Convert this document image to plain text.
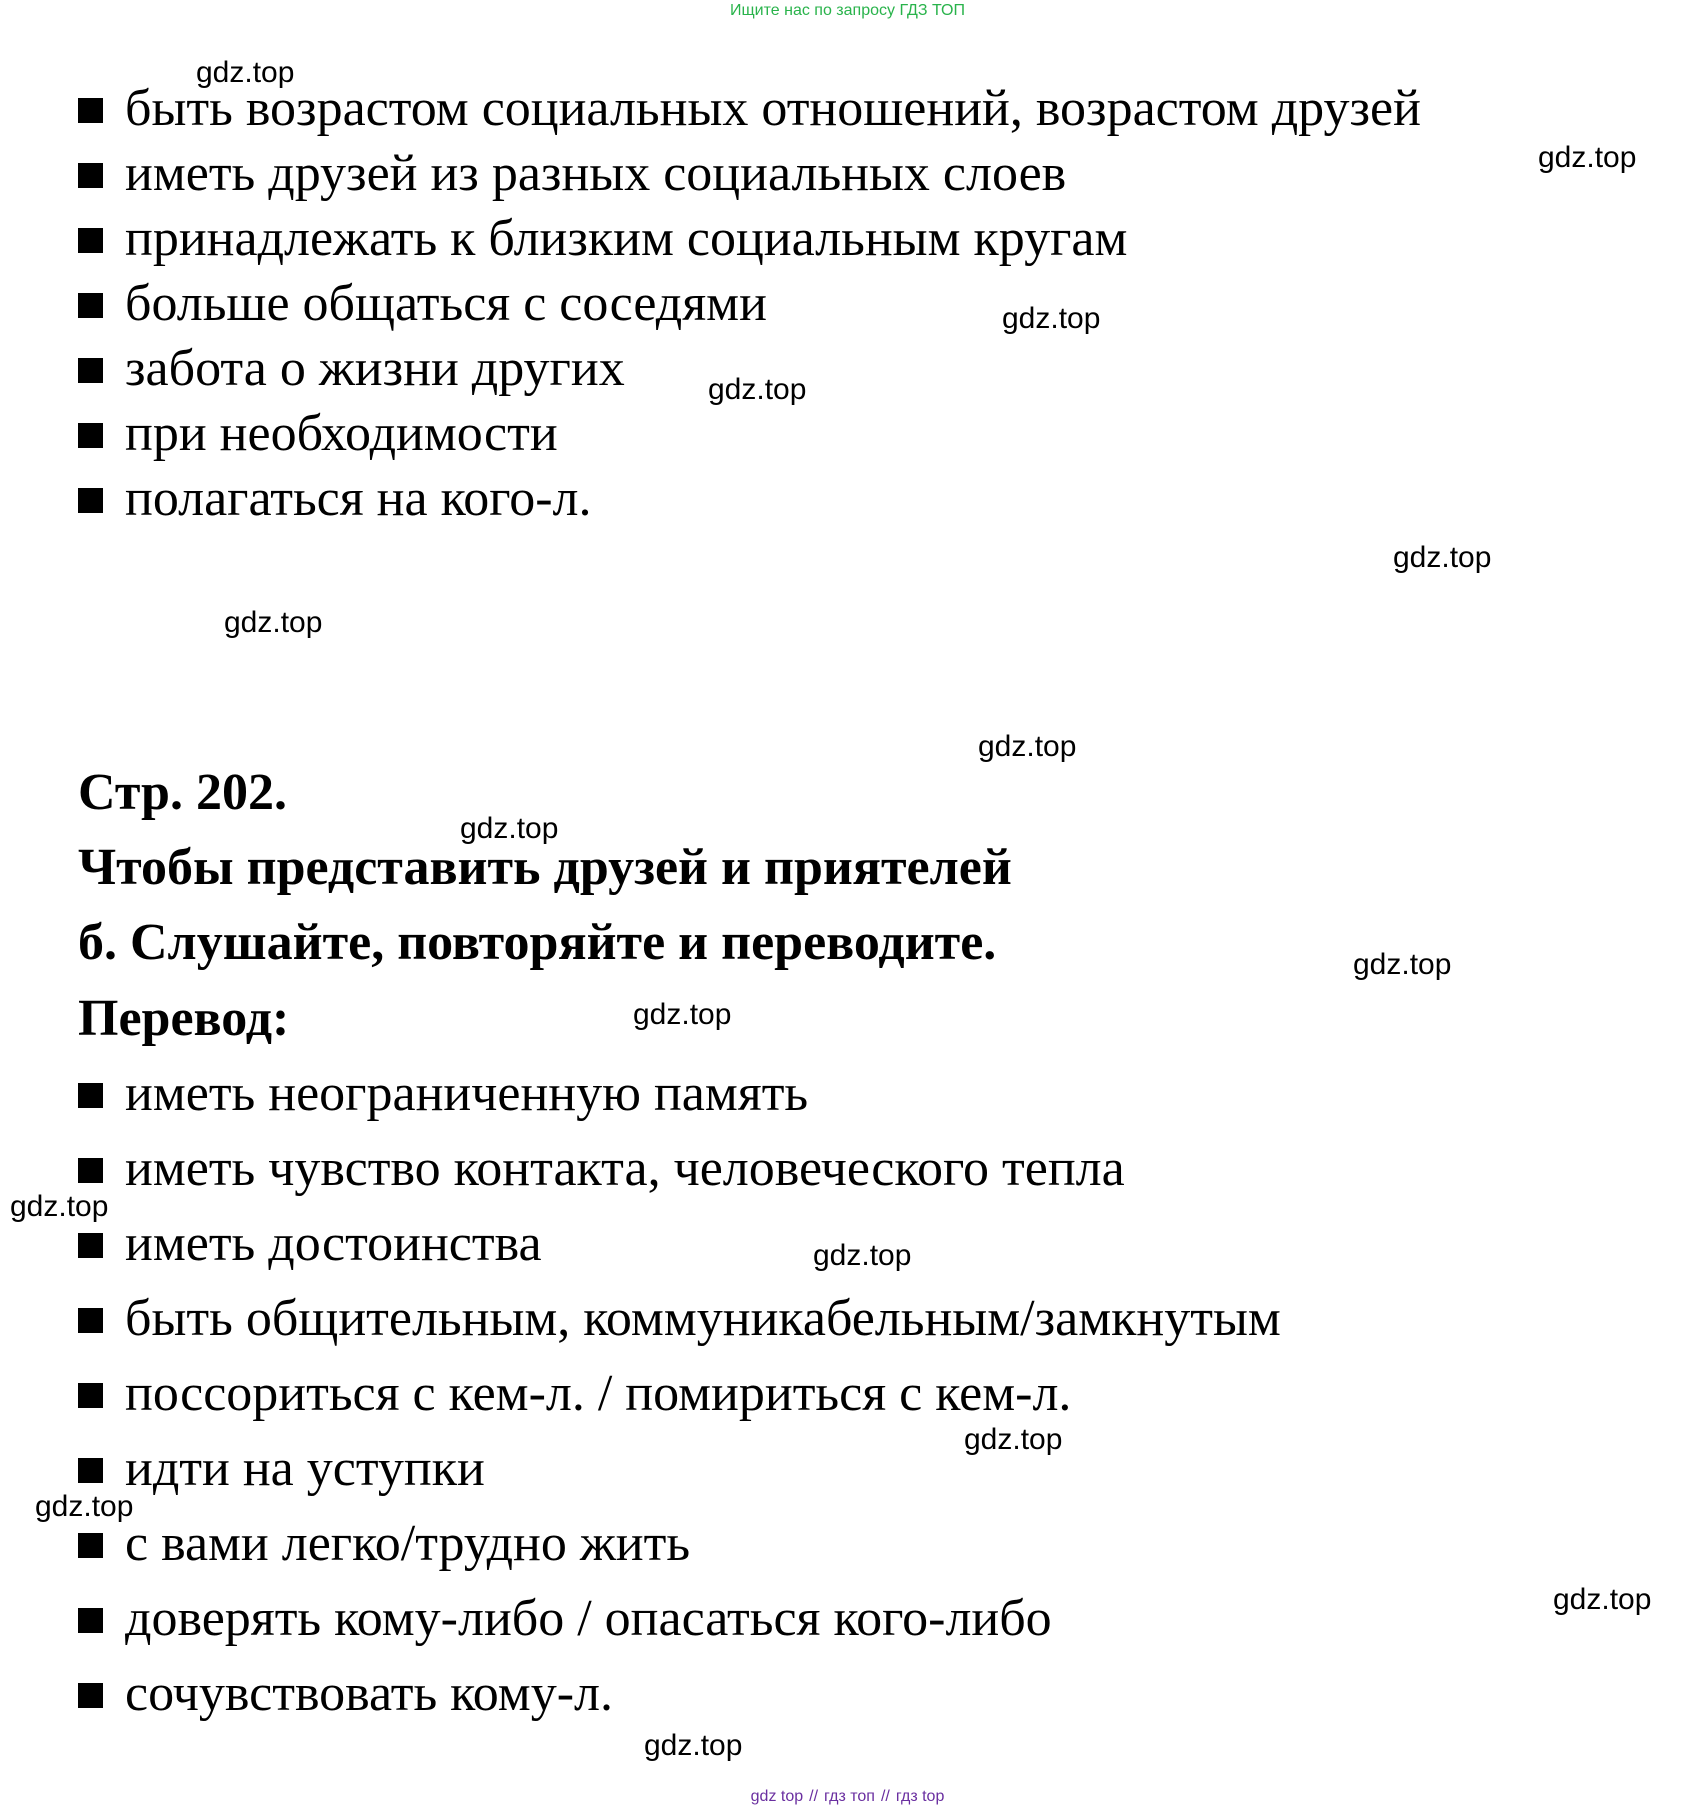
Ищите нас по запросу ГДЗ ТОП
быть возрастом социальных отношений, возрастом друзей
иметь друзей из разных социальных слоев
принадлежать к близким социальным кругам
больше общаться с соседями
забота о жизни других
при необходимости
полагаться на кого-л.
Стр. 202.
Чтобы представить друзей и приятелей
б. Слушайте, повторяйте и переводите.
Перевод:
иметь неограниченную память
иметь чувство контакта, человеческого тепла
иметь достоинства
быть общительным, коммуникабельным/замкнутым
поссориться с кем-л. / помириться с кем-л.
идти на уступки
с вами легко/трудно жить
доверять кому-либо / опасаться кого-либо
сочувствовать кому-л.
gdz.top
gdz.top
gdz.top
gdz.top
gdz.top
gdz.top
gdz.top
gdz.top
gdz.top
gdz.top
gdz.top
gdz.top
gdz.top
gdz.top
gdz.top
gdz.top
gdz top // гдз топ // гдз top
